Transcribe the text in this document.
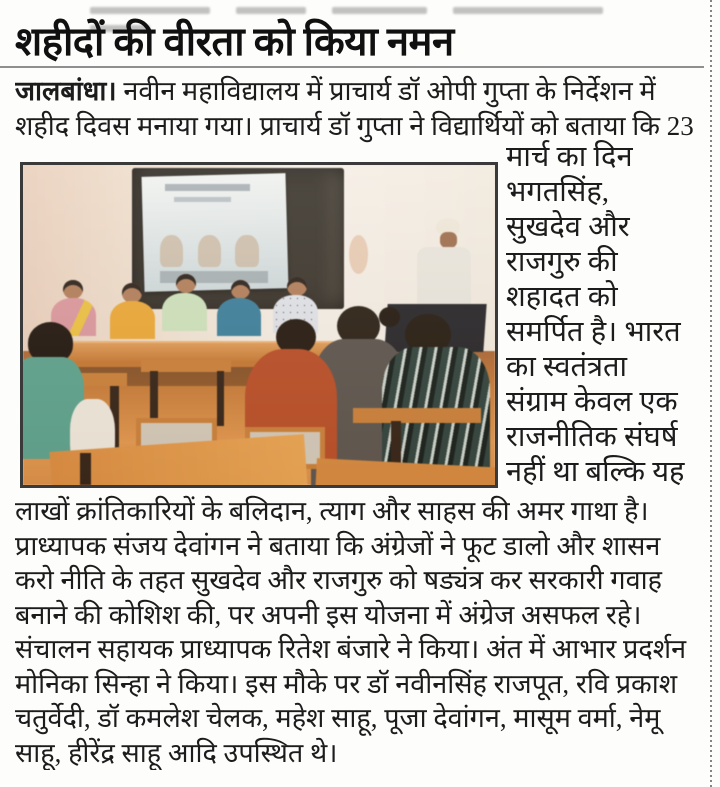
शहीदों की वीरता को किया नमन
जालबांधा। नवीन महाविद्यालय में प्राचार्य डॉ ओपी गुप्ता के निर्देशन में
शहीद दिवस मनाया गया। प्राचार्य डॉ गुप्ता ने विद्यार्थियों को बताया कि 23
मार्च का दिन
भगतसिंह,
सुखदेव और
राजगुरु की
शहादत को
समर्पित है। भारत
का स्वतंत्रता
संग्राम केवल एक
राजनीतिक संघर्ष
नहीं था बल्कि यह
लाखों क्रांतिकारियों के बलिदान, त्याग और साहस की अमर गाथा है।
प्राध्यापक संजय देवांगन ने बताया कि अंग्रेजों ने फूट डालो और शासन
करो नीति के तहत सुखदेव और राजगुरु को षड्यंत्र कर सरकारी गवाह
बनाने की कोशिश की, पर अपनी इस योजना में अंग्रेज असफल रहे।
संचालन सहायक प्राध्यापक रितेश बंजारे ने किया। अंत में आभार प्रदर्शन
मोनिका सिन्हा ने किया। इस मौके पर डॉ नवीनसिंह राजपूत, रवि प्रकाश
चतुर्वेदी, डॉ कमलेश चेलक, महेश साहू, पूजा देवांगन, मासूम वर्मा, नेमू
साहू, हीरेंद्र साहू आदि उपस्थित थे।
